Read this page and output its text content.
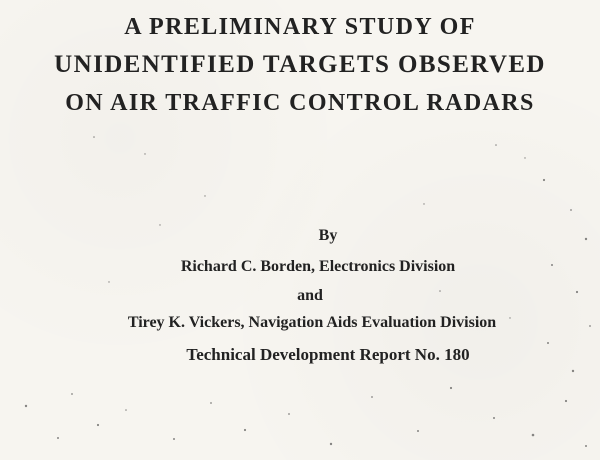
A PRELIMINARY STUDY OF
UNIDENTIFIED TARGETS OBSERVED
ON AIR TRAFFIC CONTROL RADARS
By
Richard C. Borden, Electronics Division
and
Tirey K. Vickers, Navigation Aids Evaluation Division
Technical Development Report No. 180
